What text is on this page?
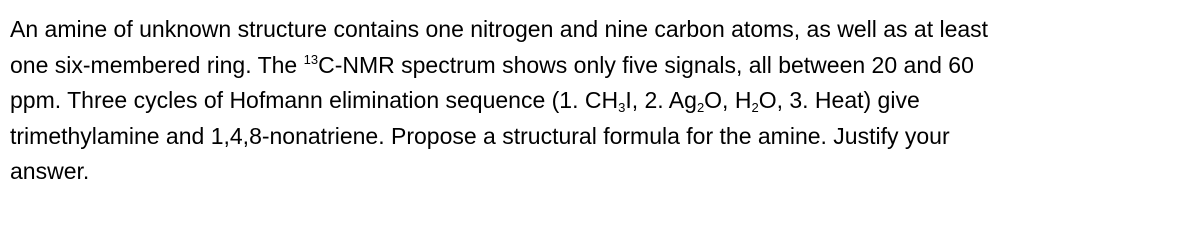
An amine of unknown structure contains one nitrogen and nine carbon atoms, as well as at least
one six-membered ring. The $^{13}$C-NMR spectrum shows only five signals, all between 20 and 60
ppm. Three cycles of Hofmann elimination sequence (1. $CH_3I$, 2. $Ag_2O$, $H_2O$, 3. Heat) give
trimethylamine and 1,4,8-nonatriene. Propose a structural formula for the amine. Justify your
answer.
